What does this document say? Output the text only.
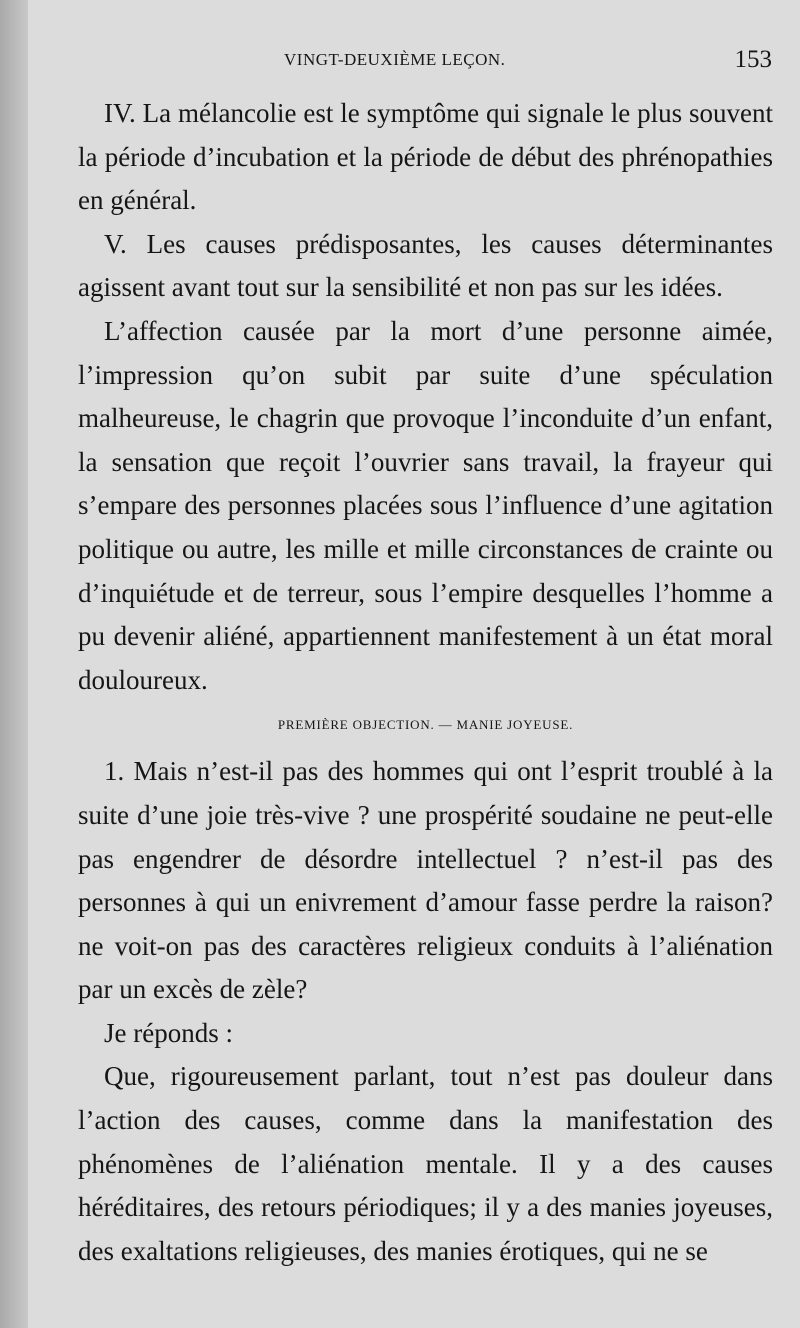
VINGT-DEUXIÈME LEÇON.	153

IV. La mélancolie est le symptôme qui signale le plus souvent la période d’incubation et la période de début des phrénopathies en général.

V. Les causes prédisposantes, les causes déterminantes agissent avant tout sur la sensibilité et non pas sur les idées.

L’affection causée par la mort d’une personne aimée, l’impression qu’on subit par suite d’une spéculation malheureuse, le chagrin que provoque l’inconduite d’un enfant, la sensation que reçoit l’ouvrier sans travail, la frayeur qui s’empare des personnes placées sous l’influence d’une agitation politique ou autre, les mille et mille circonstances de crainte ou d’inquiétude et de terreur, sous l’empire desquelles l’homme a pu devenir aliéné, appartiennent manifestement à un état moral douloureux.

PREMIÈRE OBJECTION. — MANIE JOYEUSE.

1. Mais n’est-il pas des hommes qui ont l’esprit troublé à la suite d’une joie très-vive ? une prospérité soudaine ne peut-elle pas engendrer de désordre intellectuel ? n’est-il pas des personnes à qui un enivrement d’amour fasse perdre la raison? ne voit-on pas des caractères religieux conduits à l’aliénation par un excès de zèle?

Je réponds :

Que, rigoureusement parlant, tout n’est pas douleur dans l’action des causes, comme dans la manifestation des phénomènes de l’aliénation mentale. Il y a des causes héréditaires, des retours périodiques; il y a des manies joyeuses, des exaltations religieuses, des manies érotiques, qui ne se
